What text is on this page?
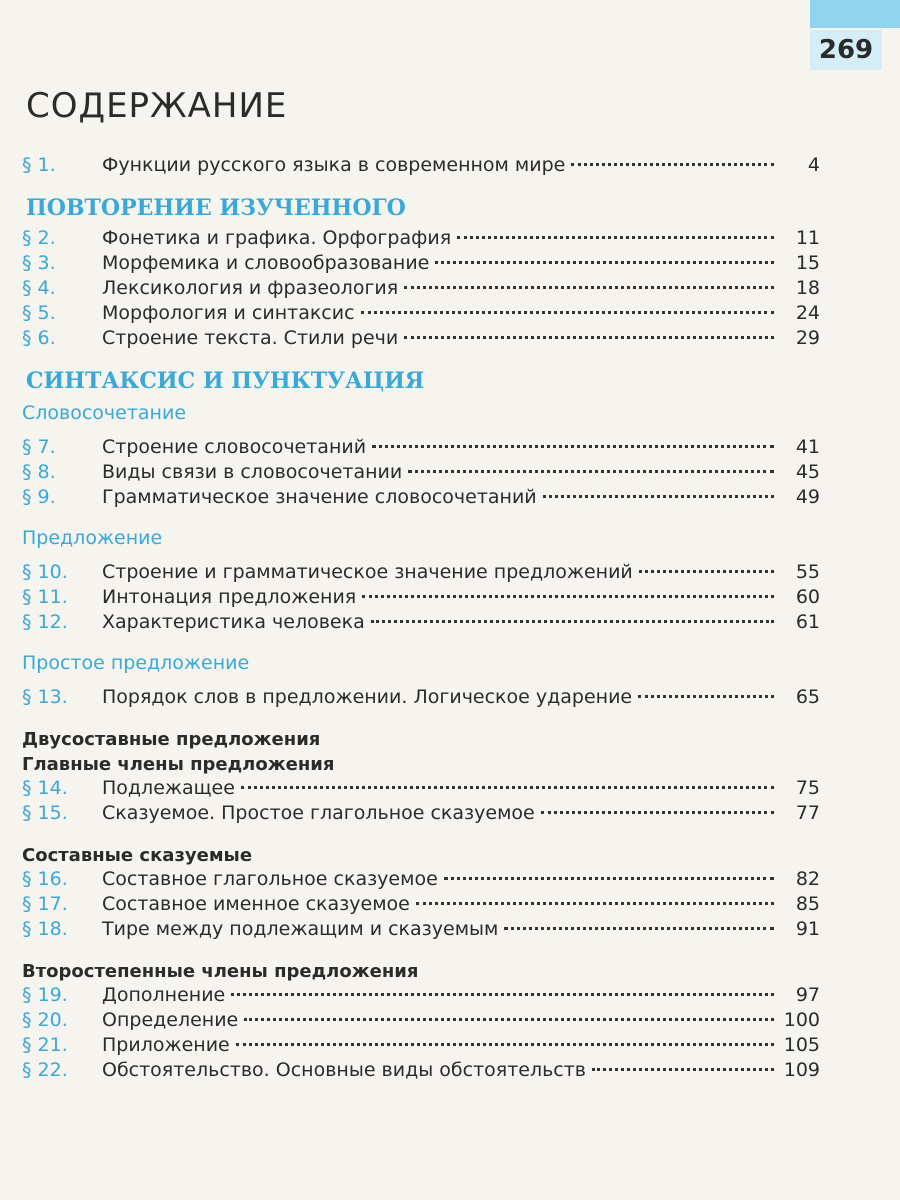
269
СОДЕРЖАНИЕ
§ 1.	Функции русского языка в современном мире	4
ПОВТОРЕНИЕ ИЗУЧЕННОГО
§ 2.	Фонетика и графика. Орфография	11
§ 3.	Морфемика и словообразование	15
§ 4.	Лексикология и фразеология	18
§ 5.	Морфология и синтаксис	24
§ 6.	Строение текста. Стили речи	29
СИНТАКСИС И ПУНКТУАЦИЯ
Словосочетание
§ 7.	Строение словосочетаний	41
§ 8.	Виды связи в словосочетании	45
§ 9.	Грамматическое значение словосочетаний	49
Предложение
§ 10.	Строение и грамматическое значение предложений	55
§ 11.	Интонация предложения	60
§ 12.	Характеристика человека	61
Простое предложение
§ 13.	Порядок слов в предложении. Логическое ударение	65
Двусоставные предложения
Главные члены предложения
§ 14.	Подлежащее	75
§ 15.	Сказуемое. Простое глагольное сказуемое	77
Составные сказуемые
§ 16.	Составное глагольное сказуемое	82
§ 17.	Составное именное сказуемое	85
§ 18.	Тире между подлежащим и сказуемым	91
Второстепенные члены предложения
§ 19.	Дополнение	97
§ 20.	Определение	100
§ 21.	Приложение	105
§ 22.	Обстоятельство. Основные виды обстоятельств	109
